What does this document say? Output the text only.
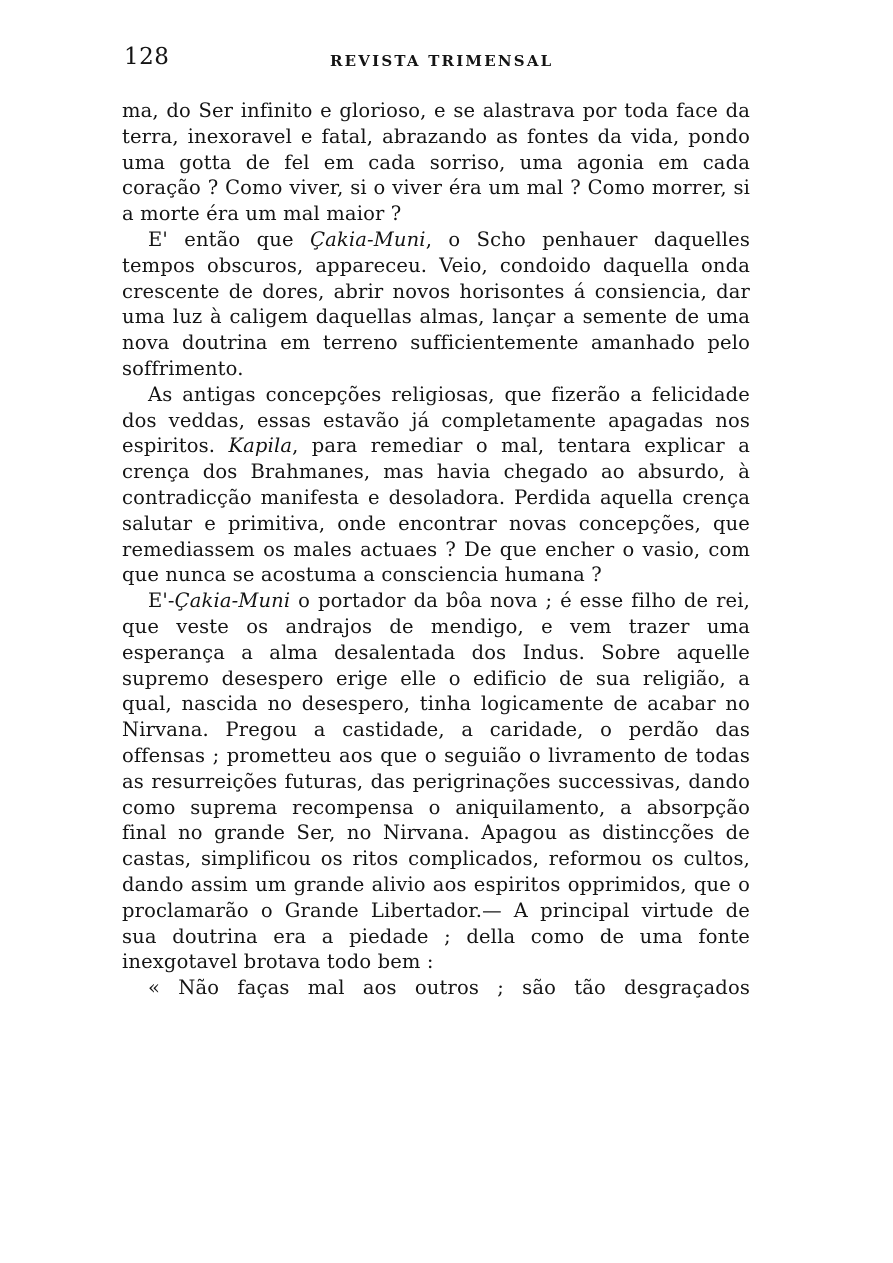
128	REVISTA TRIMENSAL

ma, do Ser infinito e glorioso, e se alastrava por toda face da terra, inexoravel e fatal, abrazando as fontes da vida, pondo uma gotta de fel em cada sorriso, uma agonia em cada coração ? Como viver, si o viver éra um mal ? Como morrer, si a morte éra um mal maior ?

E' então que Çakia-Muni, o Scho penhauer daquelles tempos obscuros, appareceu. Veio, condoido daquella onda crescente de dores, abrir novos horisontes á consiencia, dar uma luz à caligem daquellas almas, lançar a semente de uma nova doutrina em terreno sufficientemente amanhado pelo soffrimento.

As antigas concepções religiosas, que fizerão a felicidade dos veddas, essas estavão já completamente apagadas nos espiritos. Kapila, para remediar o mal, tentara explicar a crença dos Brahmanes, mas havia chegado ao absurdo, à contradicção manifesta e desoladora. Perdida aquella crença salutar e primitiva, onde encontrar novas concepções, que remediassem os males actuaes ? De que encher o vasio, com que nunca se acostuma a consciencia humana ?

E'-Çakia-Muni o portador da bôa nova ; é esse filho de rei, que veste os andrajos de mendigo, e vem trazer uma esperança a alma desalentada dos Indus. Sobre aquelle supremo desespero erige elle o edificio de sua religião, a qual, nascida no desespero, tinha logicamente de acabar no Nirvana. Pregou a castidade, a caridade, o perdão das offensas ; prometteu aos que o seguião o livramento de todas as resurreições futuras, das perigrinações successivas, dando como suprema recompensa o aniquilamento, a absorpção final no grande Ser, no Nirvana. Apagou as distincções de castas, simplificou os ritos complicados, reformou os cultos, dando assim um grande alivio aos espiritos opprimidos, que o proclamarão o Grande Libertador.— A principal virtude de sua doutrina era a piedade ; della como de uma fonte inexgotavel brotava todo bem :

« Não faças mal aos outros ; são tão desgraçados
